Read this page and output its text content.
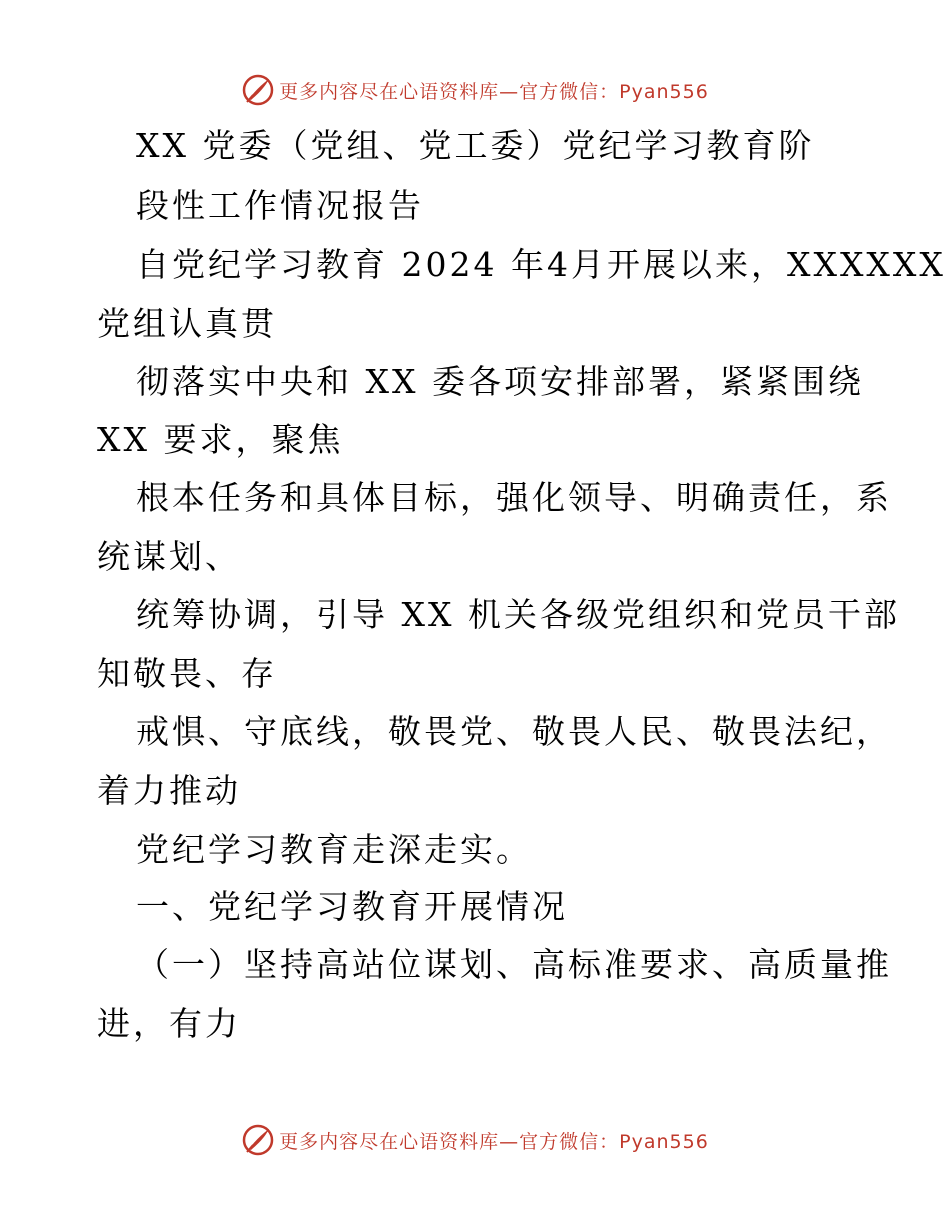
更多内容尽在心语资料库—官方微信：Pyan556
XX 党委（党组、党工委）党纪学习教育阶
段性工作情况报告
自党纪学习教育 2024 年4月开展以来，XXXXXX
党组认真贯
彻落实中央和 XX 委各项安排部署，紧紧围绕
XX 要求，聚焦
根本任务和具体目标，强化领导、明确责任，系
统谋划、
统筹协调，引导 XX 机关各级党组织和党员干部
知敬畏、存
戒惧、守底线，敬畏党、敬畏人民、敬畏法纪，
着力推动
党纪学习教育走深走实。
一、党纪学习教育开展情况
（一）坚持高站位谋划、高标准要求、高质量推
进，有力
更多内容尽在心语资料库—官方微信：Pyan556
